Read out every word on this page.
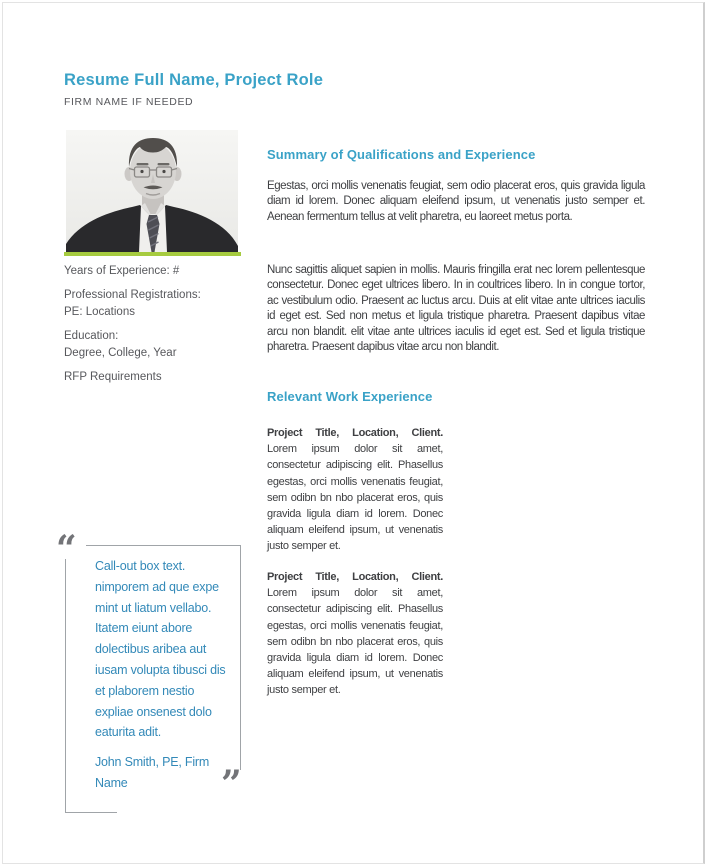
Resume Full Name, Project Role
FIRM NAME IF NEEDED
Years of Experience: #
Professional Registrations:
PE: Locations
Education:
Degree, College, Year
RFP Requirements
“
”
Call-out box text. nimporem ad que expe mint ut liatum vellabo. Itatem eiunt abore dolectibus aribea aut iusam volupta tibusci dis et plaborem nestio expliae onsenest dolo eaturita adit.
John Smith, PE, Firm Name
Summary of Qualifications and Experience

Egestas, orci mollis venenatis feugiat, sem odio placerat eros, quis gravida ligula diam id lorem. Donec aliquam eleifend ipsum, ut venenatis justo semper et. Aenean fermentum tellus at velit pharetra, eu laoreet metus porta.

Nunc sagittis aliquet sapien in mollis. Mauris fringilla erat nec lorem pellentesque consectetur. Donec eget ultrices libero. In in coultrices libero. In in congue tortor, ac vestibulum odio. Praesent ac luctus arcu. Duis at elit vitae ante ultrices iaculis id eget est. Sed non metus et ligula tristique pharetra. Praesent dapibus vitae arcu non blandit. elit vitae ante ultrices iaculis id eget est. Sed et ligula tristique pharetra. Praesent dapibus vitae arcu non blandit.

Relevant Work Experience

Project Title, Location, Client. Lorem ipsum dolor sit amet, consectetur adipiscing elit. Phasellus egestas, orci mollis venenatis feugiat, sem odibn bn nbo placerat eros, quis gravida ligula diam id lorem. Donec aliquam eleifend ipsum, ut venenatis justo semper et.

Project Title, Location, Client. Lorem ipsum dolor sit amet, consectetur adipiscing elit. Phasellus egestas, orci mollis venenatis feugiat, sem odibn bn nbo placerat eros, quis gravida ligula diam id lorem. Donec aliquam eleifend ipsum, ut venenatis justo semper et.
